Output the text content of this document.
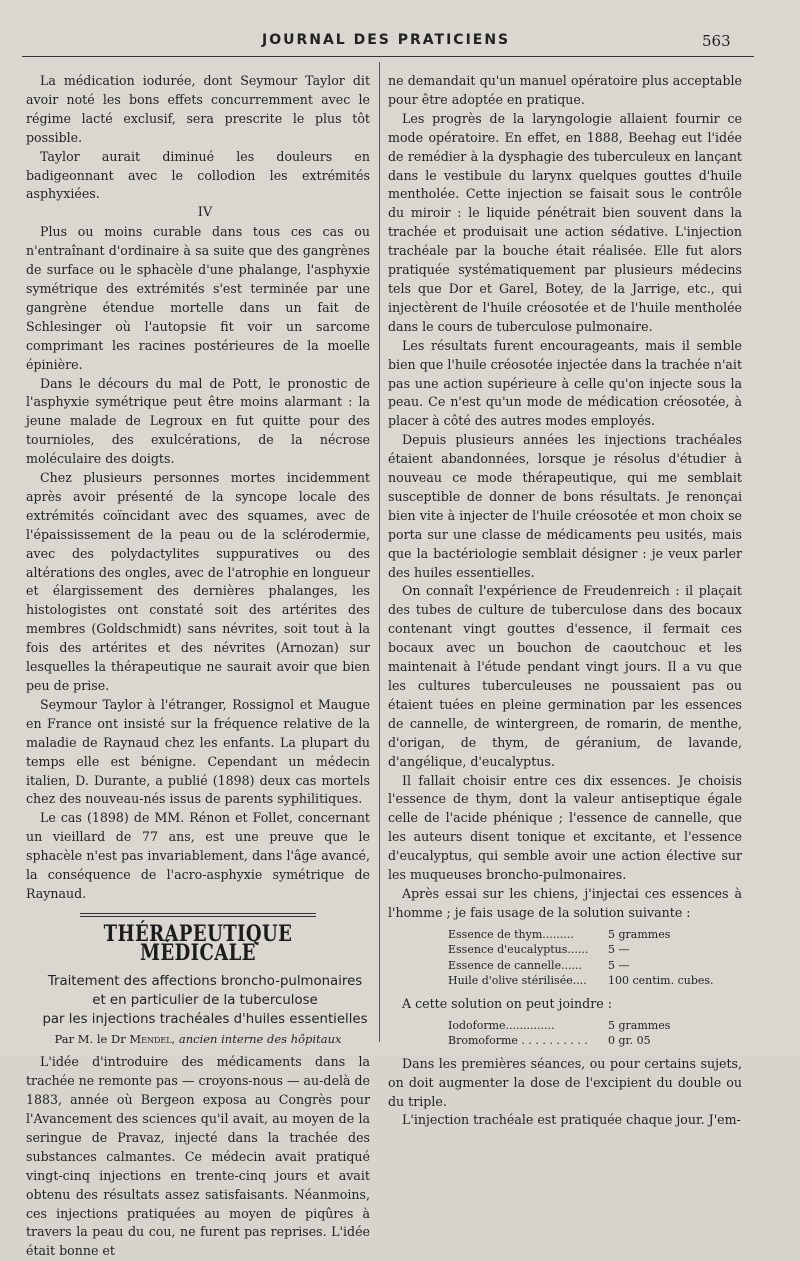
JOURNAL DES PRATICIENS	563

La médication iodurée, dont Seymour Taylor dit avoir noté les bons effets concurremment avec le régime lacté exclusif, sera prescrite le plus tôt possible.

Taylor aurait diminué les douleurs en badigeonnant avec le collodion les extrémités asphyxiées.

IV

Plus ou moins curable dans tous ces cas ou n'entraînant d'ordinaire à sa suite que des gangrènes de surface ou le sphacèle d'une phalange, l'asphyxie symétrique des extrémités s'est terminée par une gangrène étendue mortelle dans un fait de Schlesinger où l'autopsie fit voir un sarcome comprimant les racines postérieures de la moelle épinière.

Dans le décours du mal de Pott, le pronostic de l'asphyxie symétrique peut être moins alarmant : la jeune malade de Legroux en fut quitte pour des tournioles, des exulcérations, de la nécrose moléculaire des doigts.

Chez plusieurs personnes mortes incidemment après avoir présenté de la syncope locale des extrémités coïncidant avec des squames, avec de l'épaississement de la peau ou de la sclérodermie, avec des polydactylites suppuratives ou des altérations des ongles, avec de l'atrophie en longueur et élargissement des dernières phalanges, les histologistes ont constaté soit des artérites des membres (Goldschmidt) sans névrites, soit tout à la fois des artérites et des névrites (Arnozan) sur lesquelles la thérapeutique ne saurait avoir que bien peu de prise.

Seymour Taylor à l'étranger, Rossignol et Maugue en France ont insisté sur la fréquence relative de la maladie de Raynaud chez les enfants. La plupart du temps elle est bénigne. Cependant un médecin italien, D. Durante, a publié (1898) deux cas mortels chez des nouveau-nés issus de parents syphilitiques.

Le cas (1898) de MM. Rénon et Follet, concernant un vieillard de 77 ans, est une preuve que le sphacèle n'est pas invariablement, dans l'âge avancé, la conséquence de l'acro-asphyxie symétrique de Raynaud.

THÉRAPEUTIQUE MÉDICALE

Traitement des affections broncho-pulmonaires

et en particulier de la tuberculose

par les injections trachéales d'huiles essentielles

Par M. le Dr Mendel, ancien interne des hôpitaux

L'idée d'introduire des médicaments dans la trachée ne remonte pas — croyons-nous — au-delà de 1883, année où Bergeon exposa au Congrès pour l'Avancement des sciences qu'il avait, au moyen de la seringue de Pravaz, injecté dans la trachée des substances calmantes. Ce médecin avait pratiqué vingt-cinq injections en trente-cinq jours et avait obtenu des résultats assez satisfaisants. Néanmoins, ces injections pratiquées au moyen de piqûres à travers la peau du cou, ne furent pas reprises. L'idée était bonne et

ne demandait qu'un manuel opératoire plus acceptable pour être adoptée en pratique.

Les progrès de la laryngologie allaient fournir ce mode opératoire. En effet, en 1888, Beehag eut l'idée de remédier à la dysphagie des tuberculeux en lançant dans le vestibule du larynx quelques gouttes d'huile mentholée. Cette injection se faisait sous le contrôle du miroir : le liquide pénétrait bien souvent dans la trachée et produisait une action sédative. L'injection trachéale par la bouche était réalisée. Elle fut alors pratiquée systématiquement par plusieurs médecins tels que Dor et Garel, Botey, de la Jarrige, etc., qui injectèrent de l'huile créosotée et de l'huile mentholée dans le cours de tuberculose pulmonaire.

Les résultats furent encourageants, mais il semble bien que l'huile créosotée injectée dans la trachée n'ait pas une action supérieure à celle qu'on injecte sous la peau. Ce n'est qu'un mode de médication créosotée, à placer à côté des autres modes employés.

Depuis plusieurs années les injections trachéales étaient abandonnées, lorsque je résolus d'étudier à nouveau ce mode thérapeutique, qui me semblait susceptible de donner de bons résultats. Je renonçai bien vite à injecter de l'huile créosotée et mon choix se porta sur une classe de médicaments peu usités, mais que la bactériologie semblait désigner : je veux parler des huiles essentielles.

On connaît l'expérience de Freudenreich : il plaçait des tubes de culture de tuberculose dans des bocaux contenant vingt gouttes d'essence, il fermait ces bocaux avec un bouchon de caoutchouc et les maintenait à l'étude pendant vingt jours. Il a vu que les cultures tuberculeuses ne poussaient pas ou étaient tuées en pleine germination par les essences de cannelle, de wintergreen, de romarin, de menthe, d'origan, de thym, de géranium, de lavande, d'angélique, d'eucalyptus.

Il fallait choisir entre ces dix essences. Je choisis l'essence de thym, dont la valeur antiseptique égale celle de l'acide phénique ; l'essence de cannelle, que les auteurs disent tonique et excitante, et l'essence d'eucalyptus, qui semble avoir une action élective sur les muqueuses broncho-pulmonaires.

Après essai sur les chiens, j'injectai ces essences à l'homme ; je fais usage de la solution suivante :

Essence de thym.........	5 grammes
Essence d'eucalyptus......	5 —
Essence de cannelle......	5 —
Huile d'olive stérilisée....	100 centim. cubes.

A cette solution on peut joindre :

Iodoforme..............	5 grammes
Bromoforme . . . . . . . . . .	0 gr. 05

Dans les premières séances, ou pour certains sujets, on doit augmenter la dose de l'excipient du double ou du triple.

L'injection trachéale est pratiquée chaque jour. J'em-
